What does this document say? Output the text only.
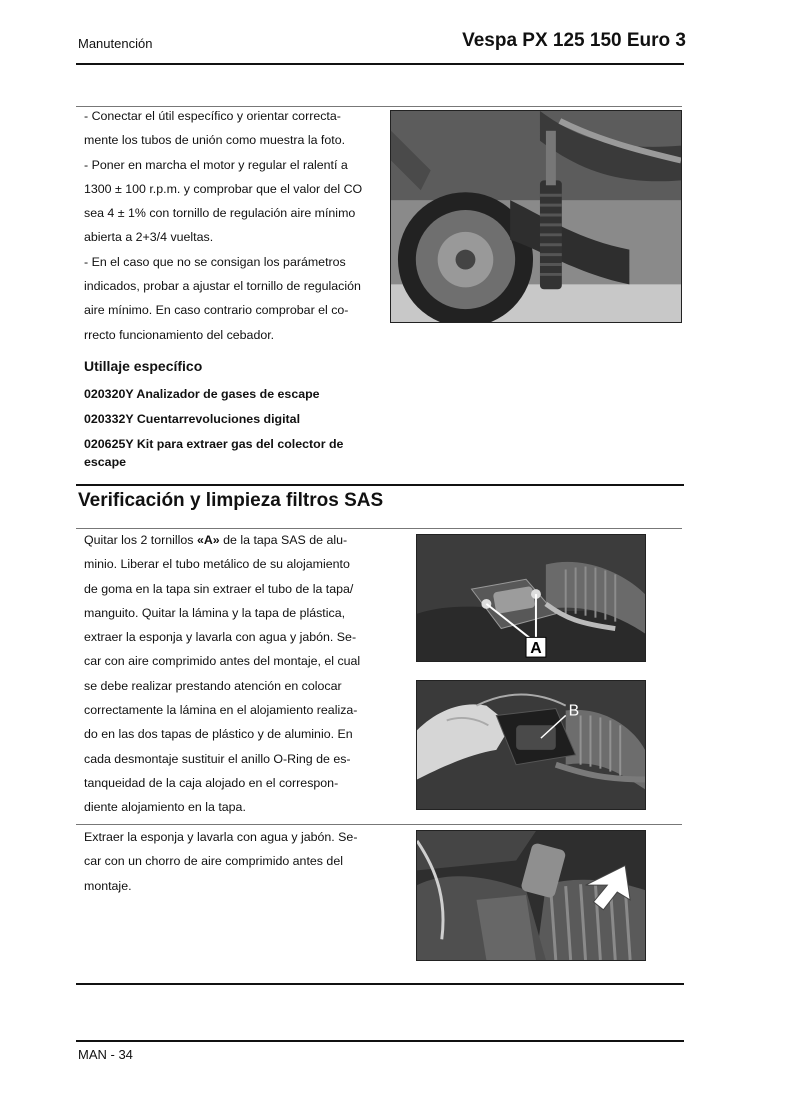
Manutención	Vespa PX 125 150 Euro 3

- Conectar el útil específico y orientar correcta-

mente los tubos de unión como muestra la foto.

- Poner en marcha el motor y regular el ralentí a

1300 ± 100 r.p.m. y comprobar que el valor del CO

sea 4 ± 1% con tornillo de regulación aire mínimo

abierta a 2+3/4 vueltas.

- En el caso que no se consigan los parámetros

indicados, probar a ajustar el tornillo de regulación

aire mínimo. En caso contrario comprobar el co-

rrecto funcionamiento del cebador.

Utillaje específico
020320Y Analizador de gases de escape
020332Y Cuentarrevoluciones digital
020625Y Kit para extraer gas del colector de escape
Verificación y limpieza filtros SAS

Quitar los 2 tornillos «A» de la tapa SAS de alu-

minio. Liberar el tubo metálico de su alojamiento

de goma en la tapa sin extraer el tubo de la tapa/

manguito. Quitar la lámina y la tapa de plástica,

extraer la esponja y lavarla con agua y jabón. Se-

car con aire comprimido antes del montaje, el cual

se debe realizar prestando atención en colocar

correctamente la lámina en el alojamiento realiza-

do en las dos tapas de plástico y de aluminio. En

cada desmontaje sustituir el anillo O-Ring de es-

tanqueidad de la caja alojado en el correspon-

diente alojamiento en la tapa.

A
B

Extraer la esponja y lavarla con agua y jabón. Se-

car con un chorro de aire comprimido antes del

montaje.

MAN - 34
